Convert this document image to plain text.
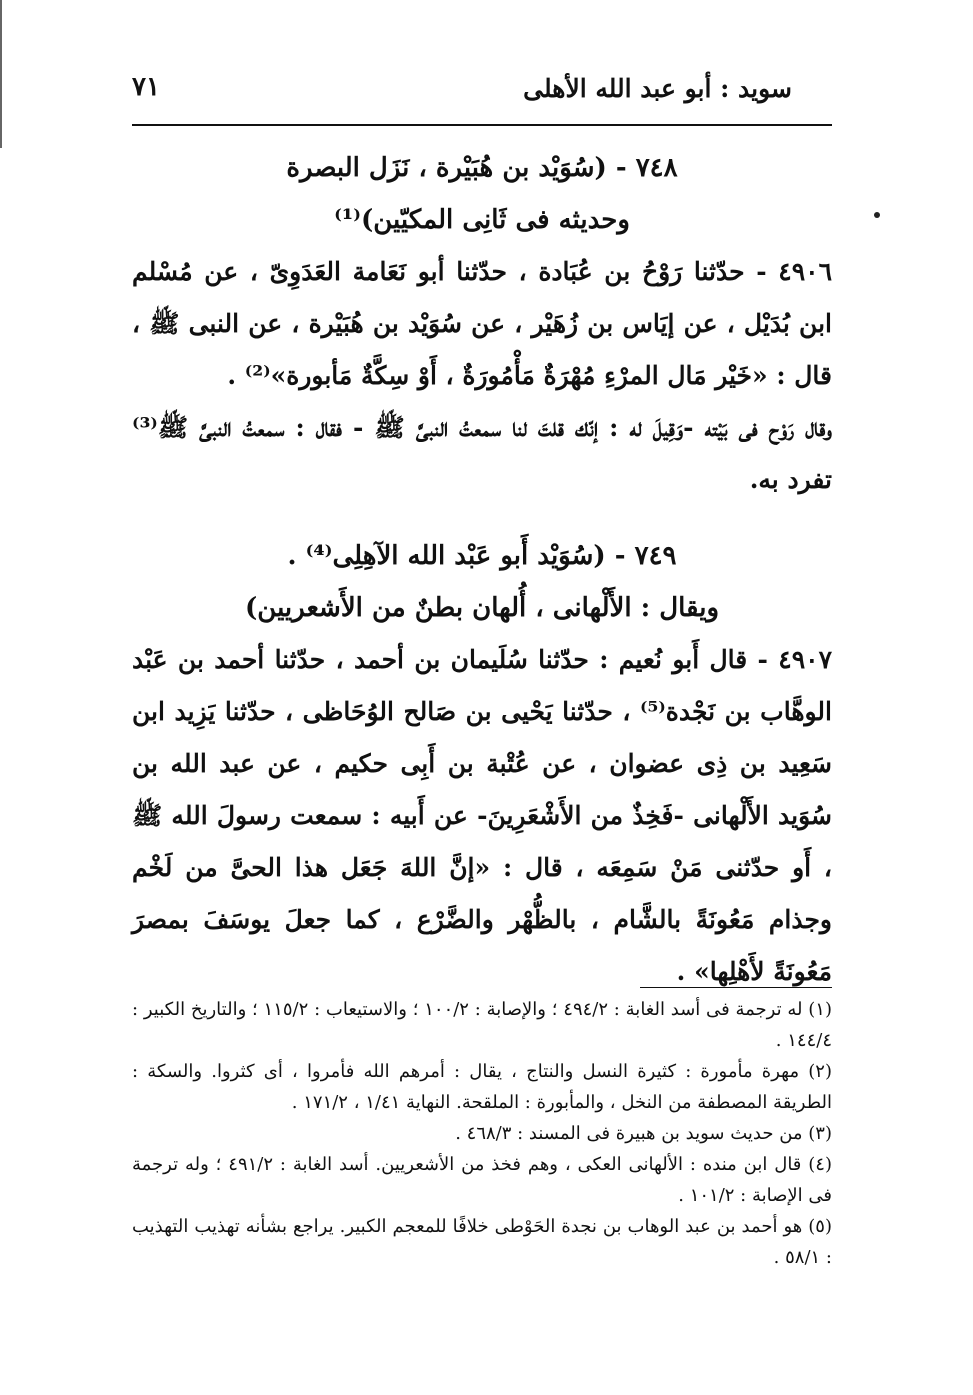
سويد : أبو عبد الله الأهلى
٧١
٧٤٨ - (سُوَيْد بن هُبَيْرة ، نَزَل البصرة
وحديثه فى ثَانِى المكيّين)⁽¹⁾
٤٩٠٦ - حدّثنا رَوْحُ بن عُبَادة ، حدّثنا أبو نَعَامة العَدَوِىّ ، عن مُسْلم ابن بُدَيْل ، عن إيَاس بن زُهَيْر ، عن سُوَيْد بن هُبَيْرة ، عن النبى ﷺ ، قال : «خَيْر مَال المرْءِ مُهْرَةٌ مَأْمُورَةٌ ، أَوْ سِكَّةٌ مَأبورة»⁽²⁾ .
وقال رَوْح فى بَيْته -وَقِيلَ له : إنّك قلتَ لنا سمعتُ النبىَّ ﷺ - فقال : سمعتُ النبىَّ ﷺ⁽³⁾ تفرد به.
٧٤٩ - (سُوَيْد أَبو عَبْد الله الآهِلِى⁽⁴⁾ .
ويقال : الأَلْهانى ، أُلهان بطنٌ من الأَشعريين)
٤٩٠٧ - قال أَبو نُعيم : حدّثنا سُلَيمان بن أحمد ، حدّثنا أحمد بن عَبْد الوهَّاب بن نَجْدة⁽⁵⁾ ، حدّثنا يَحْيى بن صَالح الوُحَاظى ، حدّثنا يَزِيد ابن سَعِيد بن ذِى عضوان ، عن عُتْبة بن أَبِى حكيم ، عن عبد الله بن سُوَيد الأَلْهانى -فَخِذٌ من الأَشْعَرِينَ- عن أَبيه : سمعت رسولَ الله ﷺ ، أَو حدّثنى مَنْ سَمِعَه ، قال : «إنَّ اللهَ جَعَل هذا الحىَّ من لَخْم وجذام مَعُونَةً بالشَّام ، بالظُّهْر والضَّرْع ، كما جعلَ يوسَفَ بمصرَ مَعُونَةً لأَهْلِها» .

(١) له ترجمة فى أسد الغابة : ٤٩٤/٢ ؛ والإصابة : ١٠٠/٢ ؛ والاستيعاب : ١١٥/٢ ؛ والتاريخ الكبير : ١٤٤/٤ .

(٢) مهرة مأمورة : كثيرة النسل والنتاج ، يقال : أمرهم الله فأمروا ، أى كثروا. والسكة : الطريقة المصطفة من النخل ، والمأبورة : الملقحة. النهاية ١/٤١ ، ١٧١/٢ .

(٣) من حديث سويد بن هبيرة فى المسند : ٤٦٨/٣ .

(٤) قال ابن منده : الألهانى العكى ، وهم فخذ من الأشعريين. أسد الغابة : ٤٩١/٢ ؛ وله ترجمة فى الإصابة : ١٠١/٢ .

(٥) هو أحمد بن عبد الوهاب بن نجدة الحَوْطى خلافًا للمعجم الكبير. يراجع بشأنه تهذيب التهذيب : ٥٨/١ .
